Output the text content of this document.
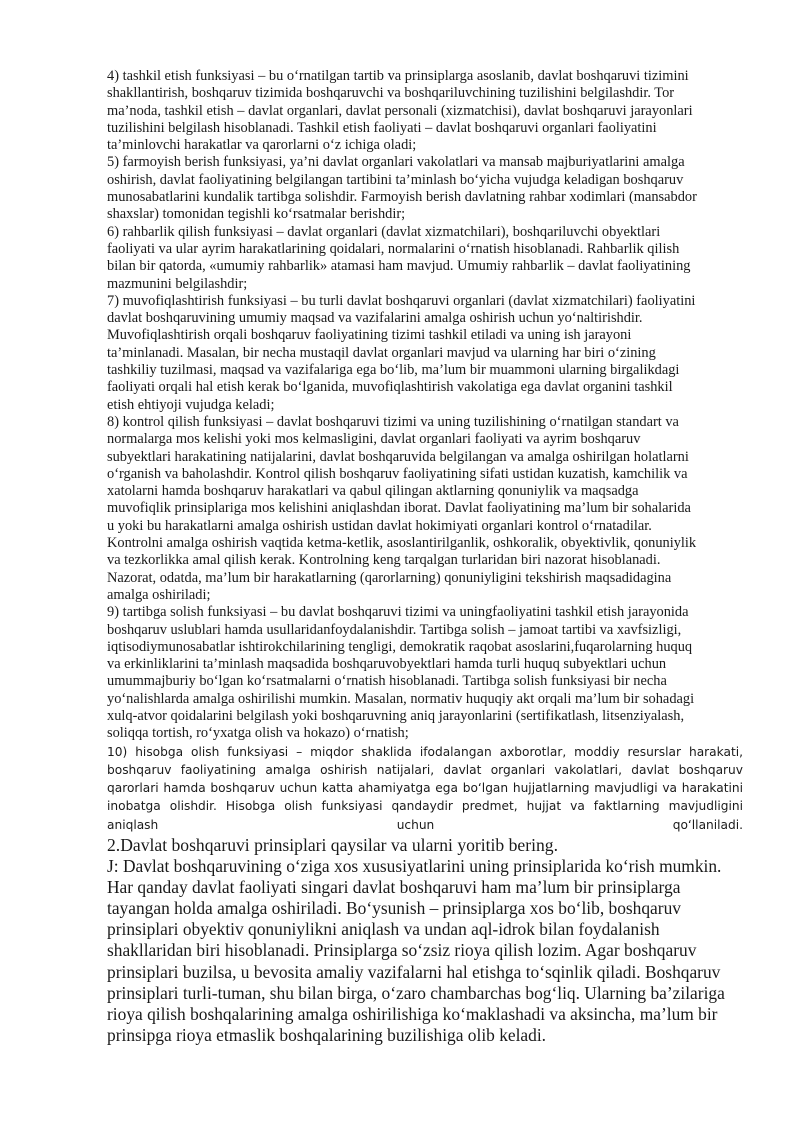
4) tashkil etish funksiyasi – bu o‘rnatilgan tartib va prinsiplarga asoslanib, davlat boshqaruvi tizimini
shakllantirish, boshqaruv tizimida boshqaruvchi va boshqariluvchining tuzilishini belgilashdir. Tor
ma’noda, tashkil etish – davlat organlari, davlat personali (xizmatchisi), davlat boshqaruvi jarayonlari
tuzilishini belgilash hisoblanadi. Tashkil etish faoliyati – davlat boshqaruvi organlari faoliyatini
ta’minlovchi harakatlar va qarorlarni o‘z ichiga oladi;

5) farmoyish berish funksiyasi, ya’ni davlat organlari vakolatlari va mansab majburiyatlarini amalga
oshirish, davlat faoliyatining belgilangan tartibini ta’minlash bo‘yicha vujudga keladigan boshqaruv
munosabatlarini kundalik tartibga solishdir. Farmoyish berish davlatning rahbar xodimlari (mansabdor
shaxslar) tomonidan tegishli ko‘rsatmalar berishdir;

6) rahbarlik qilish funksiyasi – davlat organlari (davlat xizmatchilari), boshqariluvchi obyektlari
faoliyati va ular ayrim harakatlarining qoidalari, normalarini o‘rnatish hisoblanadi. Rahbarlik qilish
bilan bir qatorda, «umumiy rahbarlik» atamasi ham mavjud. Umumiy rahbarlik – davlat faoliyatining
mazmunini belgilashdir;

7) muvofiqlashtirish funksiyasi – bu turli davlat boshqaruvi organlari (davlat xizmatchilari) faoliyatini
davlat boshqaruvining umumiy maqsad va vazifalarini amalga oshirish uchun yo‘naltirishdir.
Muvofiqlashtirish orqali boshqaruv faoliyatining tizimi tashkil etiladi va uning ish jarayoni
ta’minlanadi. Masalan, bir necha mustaqil davlat organlari mavjud va ularning har biri o‘zining
tashkiliy tuzilmasi, maqsad va vazifalariga ega bo‘lib, ma’lum bir muammoni ularning birgalikdagi
faoliyati orqali hal etish kerak bo‘lganida, muvofiqlashtirish vakolatiga ega davlat organini tashkil
etish ehtiyoji vujudga keladi;

8) kontrol qilish funksiyasi – davlat boshqaruvi tizimi va uning tuzilishining o‘rnatilgan standart va
normalarga mos kelishi yoki mos kelmasligini, davlat organlari faoliyati va ayrim boshqaruv
subyektlari harakatining natijalarini, davlat boshqaruvida belgilangan va amalga oshirilgan holatlarni
o‘rganish va baholashdir. Kontrol qilish boshqaruv faoliyatining sifati ustidan kuzatish, kamchilik va
xatolarni hamda boshqaruv harakatlari va qabul qilingan aktlarning qonuniylik va maqsadga
muvofiqlik prinsiplariga mos kelishini aniqlashdan iborat. Davlat faoliyatining ma’lum bir sohalarida
u yoki bu harakatlarni amalga oshirish ustidan davlat hokimiyati organlari kontrol o‘rnatadilar.
Kontrolni amalga oshirish vaqtida ketma-ketlik, asoslantirilganlik, oshkoralik, obyektivlik, qonuniylik
va tezkorlikka amal qilish kerak. Kontrolning keng tarqalgan turlaridan biri nazorat hisoblanadi.
Nazorat, odatda, ma’lum bir harakatlarning (qarorlarning) qonuniyligini tekshirish maqsadidagina
amalga oshiriladi;

9) tartibga solish funksiyasi – bu davlat boshqaruvi tizimi va uningfaoliyatini tashkil etish jarayonida
boshqaruv uslublari hamda usullaridanfoydalanishdir. Tartibga solish – jamoat tartibi va xavfsizligi,
iqtisodiymunosabatlar ishtirokchilarining tengligi, demokratik raqobat asoslarini,fuqarolarning huquq
va erkinliklarini ta’minlash maqsadida boshqaruvobyektlari hamda turli huquq subyektlari uchun
umummajburiy bo‘lgan ko‘rsatmalarni o‘rnatish hisoblanadi. Tartibga solish funksiyasi bir necha
yo‘nalishlarda amalga oshirilishi mumkin. Masalan, normativ huquqiy akt orqali ma’lum bir sohadagi
xulq-atvor qoidalarini belgilash yoki boshqaruvning aniq jarayonlarini (sertifikatlash, litsenziyalash,
soliqqa tortish, ro‘yxatga olish va hokazo) o‘rnatish;

10) hisobga olish funksiyasi – miqdor shaklida ifodalangan axborotlar, moddiy resurslar harakati,
boshqaruv faoliyatining amalga oshirish natijalari, davlat organlari vakolatlari, davlat boshqaruv
qarorlari hamda boshqaruv uchun katta ahamiyatga ega bo‘lgan hujjatlarning mavjudligi va harakatini
inobatga olishdir. Hisobga olish funksiyasi qandaydir predmet, hujjat va faktlarning mavjudligini
aniqlash uchun qo‘llaniladi.
2.Davlat boshqaruvi prinsiplari qaysilar va ularni yoritib bering.

J: Davlat boshqaruvining o‘ziga xos xususiyatlarini uning prinsiplarida ko‘rish mumkin.
Har qanday davlat faoliyati singari davlat boshqaruvi ham ma’lum bir prinsiplarga
tayangan holda amalga oshiriladi. Bo‘ysunish – prinsiplarga xos bo‘lib, boshqaruv
prinsiplari obyektiv qonuniylikni aniqlash va undan aql-idrok bilan foydalanish
shakllaridan biri hisoblanadi. Prinsiplarga so‘zsiz rioya qilish lozim. Agar boshqaruv
prinsiplari buzilsa, u bevosita amaliy vazifalarni hal etishga to‘sqinlik qiladi. Boshqaruv
prinsiplari turli-tuman, shu bilan birga, o‘zaro chambarchas bog‘liq. Ularning ba’zilariga
rioya qilish boshqalarining amalga oshirilishiga ko‘maklashadi va aksincha, ma’lum bir
prinsipga rioya etmaslik boshqalarining buzilishiga olib keladi.
